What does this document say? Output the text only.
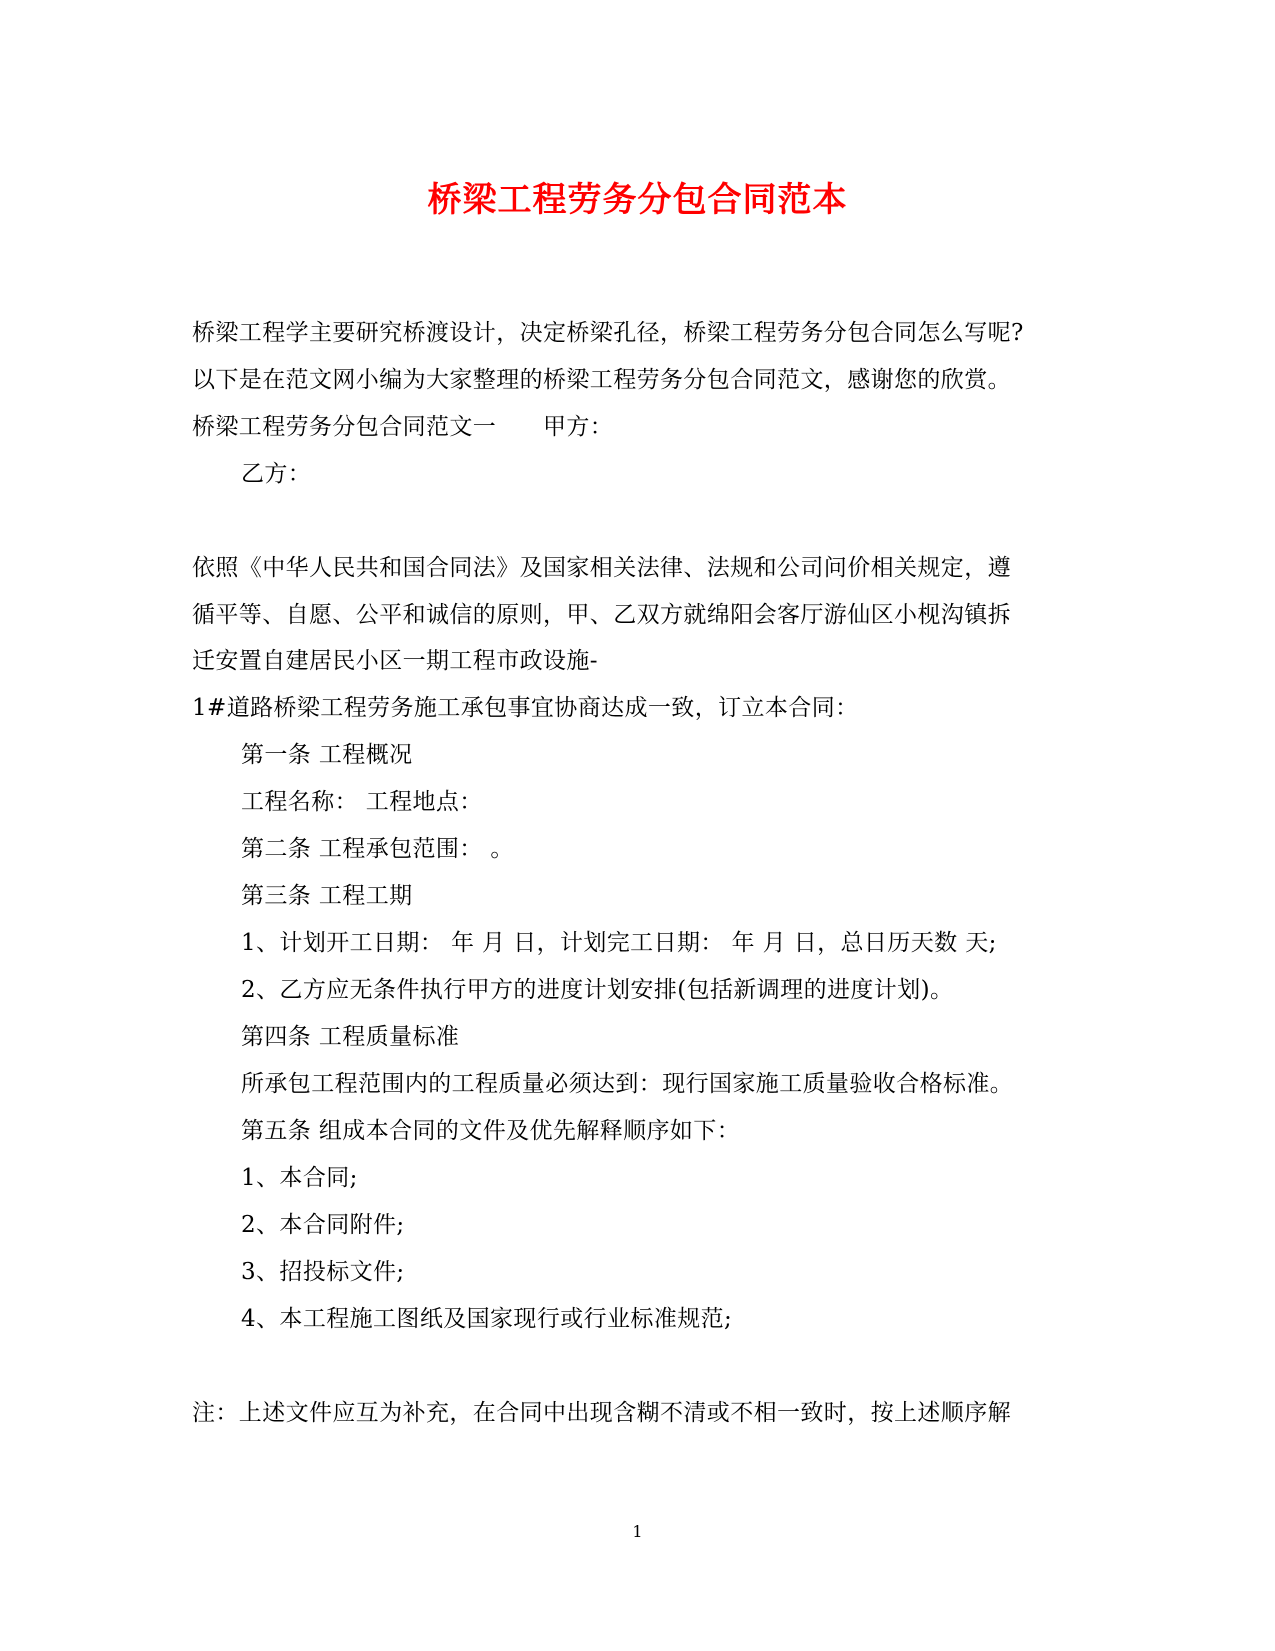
桥梁工程劳务分包合同范本
桥梁工程学主要研究桥渡设计，决定桥梁孔径，桥梁工程劳务分包合同怎么写呢?
以下是在范文网小编为大家整理的桥梁工程劳务分包合同范文，感谢您的欣赏。
桥梁工程劳务分包合同范文一　　甲方：
乙方：
依照《中华人民共和国合同法》及国家相关法律、法规和公司问价相关规定，遵
循平等、自愿、公平和诚信的原则，甲、乙双方就绵阳会客厅游仙区小枧沟镇拆
迁安置自建居民小区一期工程市政设施-
1#道路桥梁工程劳务施工承包事宜协商达成一致，订立本合同：
第一条 工程概况
工程名称： 工程地点：
第二条 工程承包范围： 。
第三条 工程工期
1、计划开工日期： 年 月 日，计划完工日期： 年 月 日，总日历天数 天;
2、乙方应无条件执行甲方的进度计划安排(包括新调理的进度计划)。
第四条 工程质量标准
所承包工程范围内的工程质量必须达到：现行国家施工质量验收合格标准。
第五条 组成本合同的文件及优先解释顺序如下：
1、本合同;
2、本合同附件;
3、招投标文件;
4、本工程施工图纸及国家现行或行业标准规范;
注：上述文件应互为补充，在合同中出现含糊不清或不相一致时，按上述顺序解
1
